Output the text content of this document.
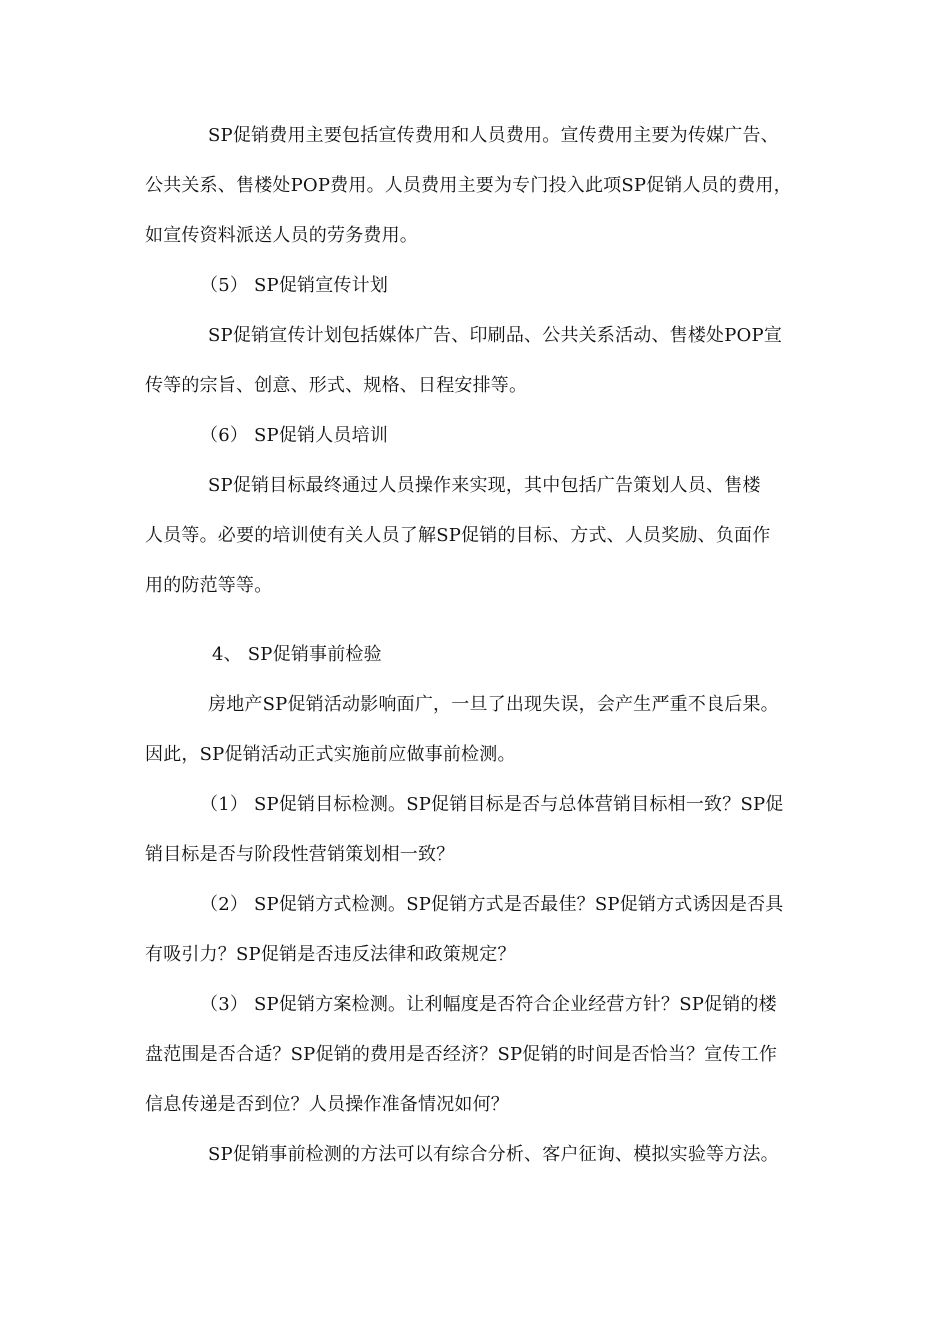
SP促销费用主要包括宣传费用和人员费用。宣传费用主要为传媒广告、
公共关系、售楼处POP费用。人员费用主要为专门投入此项SP促销人员的费用，
如宣传资料派送人员的劳务费用。
（5） SP促销宣传计划
SP促销宣传计划包括媒体广告、印刷品、公共关系活动、售楼处POP宣
传等的宗旨、创意、形式、规格、日程安排等。
（6） SP促销人员培训
SP促销目标最终通过人员操作来实现，其中包括广告策划人员、售楼
人员等。必要的培训使有关人员了解SP促销的目标、方式、人员奖励、负面作
用的防范等等。
4、 SP促销事前检验
房地产SP促销活动影响面广，一旦了出现失误，会产生严重不良后果。
因此，SP促销活动正式实施前应做事前检测。
（1） SP促销目标检测。SP促销目标是否与总体营销目标相一致？SP促
销目标是否与阶段性营销策划相一致？
（2） SP促销方式检测。SP促销方式是否最佳？SP促销方式诱因是否具
有吸引力？SP促销是否违反法律和政策规定？
（3） SP促销方案检测。让利幅度是否符合企业经营方针？SP促销的楼
盘范围是否合适？SP促销的费用是否经济？SP促销的时间是否恰当？宣传工作
信息传递是否到位？人员操作准备情况如何？
SP促销事前检测的方法可以有综合分析、客户征询、模拟实验等方法。
